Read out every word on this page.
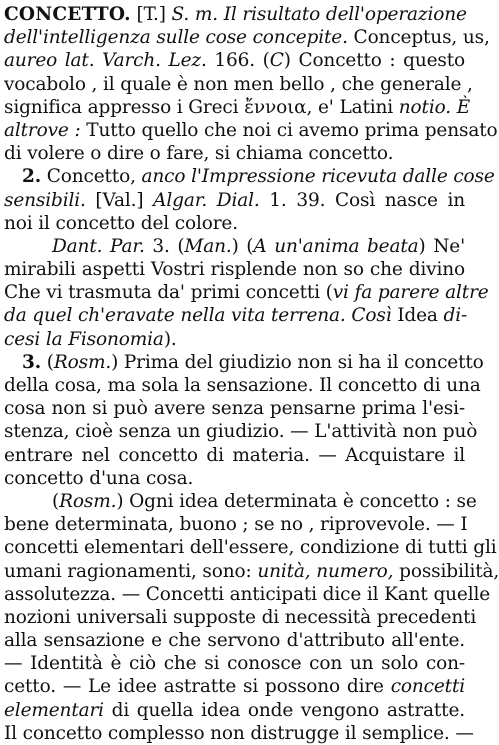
CONCETTO. [T.] S. m. Il risultato dell'operazione
dell'intelligenza sulle cose concepite. Conceptus, us,
aureo lat. Varch. Lez. 166. (C) Concetto : questo
vocabolo , il quale è non men bello , che generale ,
significa appresso i Greci ἔννοια, e' Latini notio. È
altrove : Tutto quello che noi ci avemo prima pensato
di volere o dire o fare, si chiama concetto.
2. Concetto, anco l'Impressione ricevuta dalle cose
sensibili. [Val.] Algar. Dial. 1. 39. Così nasce in
noi il concetto del colore.
Dant. Par. 3. (Man.) (A un'anima beata) Ne'
mirabili aspetti Vostri risplende non so che divino
Che vi trasmuta da' primi concetti (vi fa parere altre
da quel ch'eravate nella vita terrena. Così Idea di-
cesi la Fisonomia).
3. (Rosm.) Prima del giudizio non si ha il concetto
della cosa, ma sola la sensazione. Il concetto di una
cosa non si può avere senza pensarne prima l'esi-
stenza, cioè senza un giudizio. — L'attività non può
entrare nel concetto di materia. — Acquistare il
concetto d'una cosa.
(Rosm.) Ogni idea determinata è concetto : se
bene determinata, buono ; se no , riprovevole. — I
concetti elementari dell'essere, condizione di tutti gli
umani ragionamenti, sono: unità, numero, possibilità,
assolutezza. — Concetti anticipati dice il Kant quelle
nozioni universali supposte di necessità precedenti
alla sensazione e che servono d'attributo all'ente.
— Identità è ciò che si conosce con un solo con-
cetto. — Le idee astratte si possono dire concetti
elementari di quella idea onde vengono astratte.
Il concetto complesso non distrugge il semplice. —
